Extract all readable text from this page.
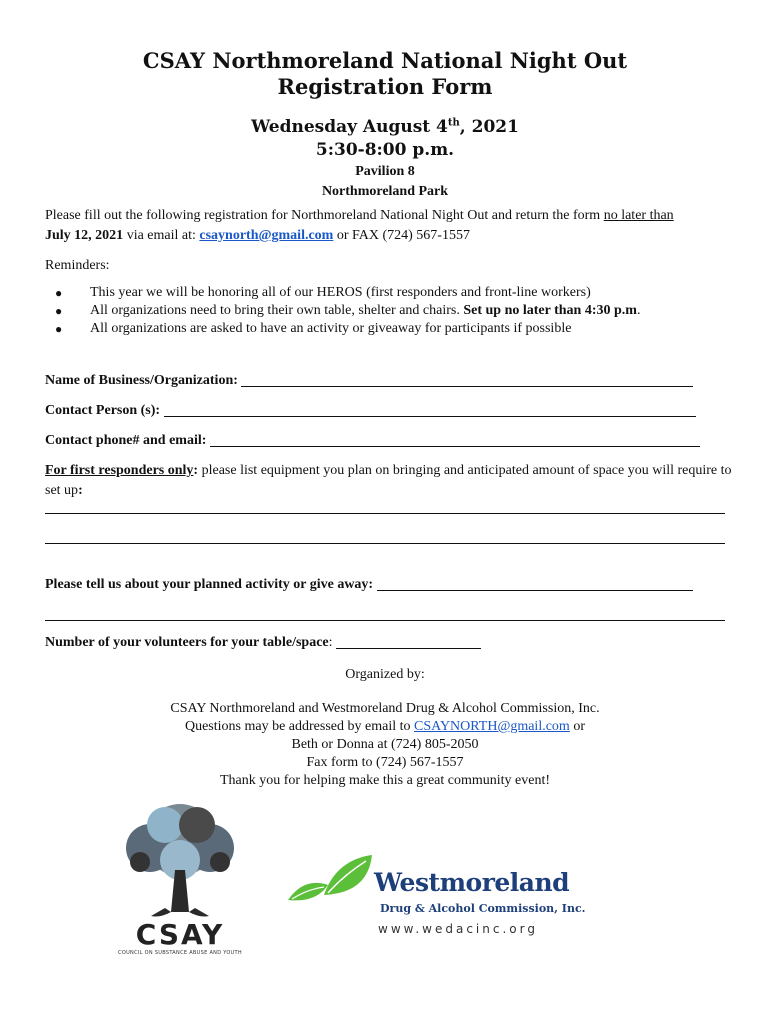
CSAY Northmoreland National Night Out
Registration Form
Wednesday August 4th, 2021
5:30-8:00 p.m.
Pavilion 8
Northmoreland Park
Please fill out the following registration for Northmoreland National Night Out and return the form no later than
July 12, 2021 via email at: csaynorth@gmail.com or FAX (724) 567-1557
Reminders:
● This year we will be honoring all of our HEROS (first responders and front-line workers)
● All organizations need to bring their own table, shelter and chairs. Set up no later than 4:30 p.m.
● All organizations are asked to have an activity or giveaway for participants if possible
Name of Business/Organization:
Contact Person (s):
Contact phone# and email:
For first responders only: please list equipment you plan on bringing and anticipated amount of space you will require to set up:
Please tell us about your planned activity or give away:
Number of your volunteers for your table/space:
Organized by:
CSAY Northmoreland and Westmoreland Drug & Alcohol Commission, Inc.
Questions may be addressed by email to CSAYNORTH@gmail.com or
Beth or Donna at (724) 805-2050
Fax form to (724) 567-1557
Thank you for helping make this a great community event!
CSAY
COUNCIL ON SUBSTANCE ABUSE AND YOUTH
Westmoreland
Drug & Alcohol Commission, Inc.
www.wedacinc.org
